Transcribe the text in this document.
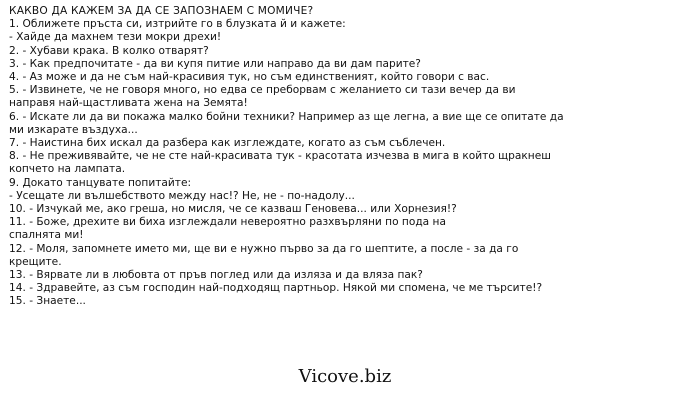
КАКВО ДА КАЖЕМ ЗА ДА СЕ ЗАПОЗНАЕМ С МОМИЧЕ?
1. Оближете пръста си, изтрийте го в блузката й и кажете:
- Хайде да махнем тези мокри дрехи!
2. - Хубави крака. В колко отварят?
3. - Как предпочитате - да ви купя питие или направо да ви дам парите?
4. - Аз може и да не съм най-красивия тук, но съм единственият, който говори с вас.
5. - Извинете, че не говоря много, но едва се преборвам с желанието си тази вечер да ви
направя най-щастливата жена на Земята!
6. - Искате ли да ви покажа малко бойни техники? Например аз ще легна, а вие ще се опитате да
ми изкарате въздуха...
7. - Наистина бих искал да разбера как изглеждате, когато аз съм съблечен.
8. - Не преживявайте, че не сте най-красивата тук - красотата изчезва в мига в който щракнеш
копчето на лампата.
9. Докато танцувате попитайте:
- Усещате ли вълшебството между нас!? Не, не - по-надолу...
10. - Изчукай ме, ако греша, но мисля, че се казваш Геновева... или Хорнезия!?
11. - Боже, дрехите ви биха изглеждали невероятно разхвърляни по пода на
спалнята ми!
12. - Моля, запомнете името ми, ще ви е нужно първо за да го шептите, а после - за да го
крещите.
13. - Вярвате ли в любовта от пръв поглед или да изляза и да вляза пак?
14. - Здравейте, аз съм господин най-подходящ партньор. Някой ми спомена, че ме търсите!?
15. - Знаете...
Vicove.biz
